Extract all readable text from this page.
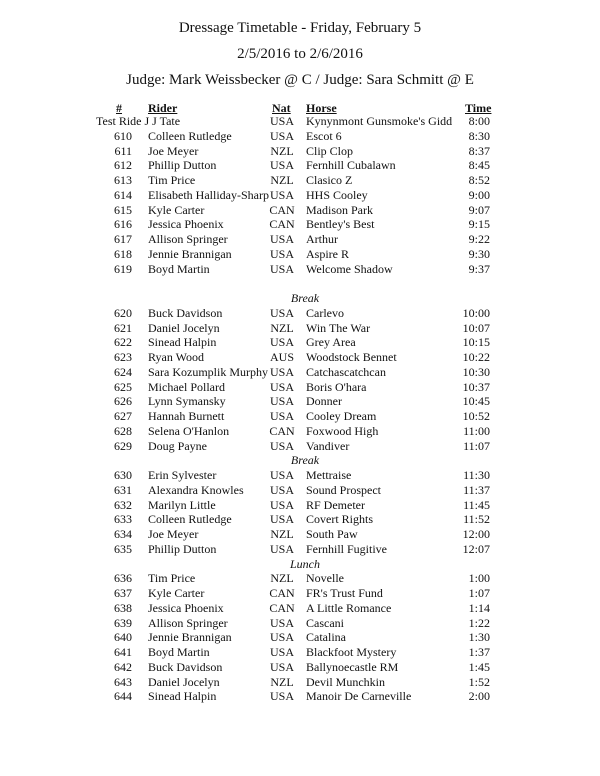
Dressage Timetable - Friday, February 5
2/5/2016 to 2/6/2016
Judge: Mark Weissbecker @ C / Judge: Sara Schmitt @ E
# Rider	Nat Horse	Time
Test Ride J J Tate	USA	Kynynmont Gunsmoke's Gidd	8:00
610 Colleen Rutledge	USA	Escot 6	8:30
611 Joe Meyer	NZL	Clip Clop	8:37
612 Phillip Dutton	USA	Fernhill Cubalawn	8:45
613 Tim Price	NZL	Clasico Z	8:52
614 Elisabeth Halliday-Sharp USA	HHS Cooley	9:00
615 Kyle Carter	CAN Madison Park	9:07
616 Jessica Phoenix	CAN Bentley's Best	9:15
617 Allison Springer	USA	Arthur	9:22
618 Jennie Brannigan	USA	Aspire R	9:30
619 Boyd Martin	USA	Welcome Shadow	9:37
Break
620 Buck Davidson	USA	Carlevo	10:00
621 Daniel Jocelyn	NZL	Win The War	10:07
622 Sinead Halpin	USA	Grey Area	10:15
623 Ryan Wood	AUS	Woodstock Bennet	10:22
624 Sara Kozumplik Murphy USA	Catchascatchcan	10:30
625 Michael Pollard	USA	Boris O'hara	10:37
626 Lynn Symansky	USA	Donner	10:45
627 Hannah Burnett	USA	Cooley Dream	10:52
628 Selena O'Hanlon	CAN Foxwood High	11:00
629 Doug Payne	USA	Vandiver	11:07
Break
630 Erin Sylvester	USA	Mettraise	11:30
631 Alexandra Knowles	USA	Sound Prospect	11:37
632 Marilyn Little	USA	RF Demeter	11:45
633 Colleen Rutledge	USA	Covert Rights	11:52
634 Joe Meyer	NZL	South Paw	12:00
635 Phillip Dutton	USA	Fernhill Fugitive	12:07
Lunch
636 Tim Price	NZL	Novelle	1:00
637 Kyle Carter	CAN FR's Trust Fund	1:07
638 Jessica Phoenix	CAN A Little Romance	1:14
639 Allison Springer	USA	Cascani	1:22
640 Jennie Brannigan	USA	Catalina	1:30
641 Boyd Martin	USA	Blackfoot Mystery	1:37
642 Buck Davidson	USA	Ballynoecastle RM	1:45
643 Daniel Jocelyn	NZL	Devil Munchkin	1:52
644 Sinead Halpin	USA	Manoir De Carneville	2:00
